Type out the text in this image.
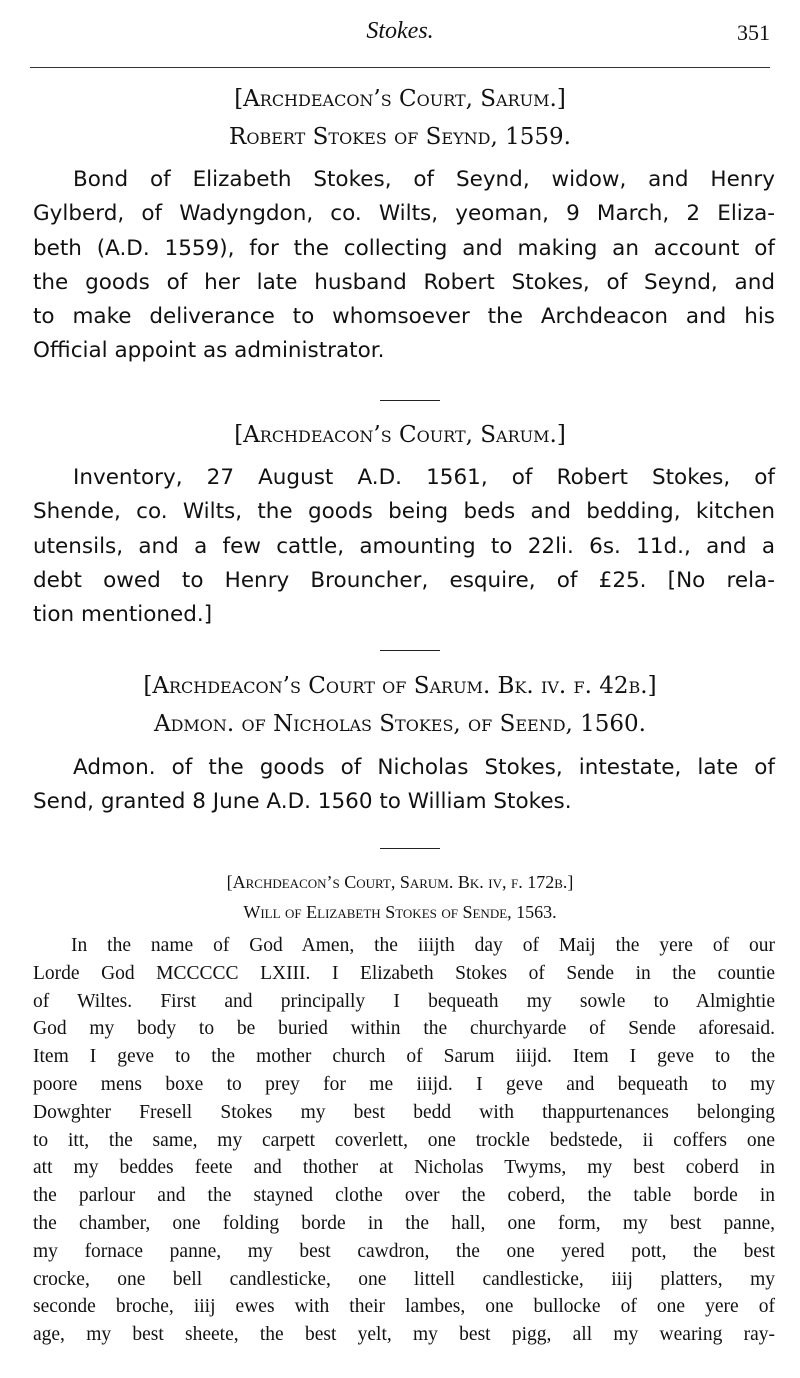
Stokes.	351
[Archdeacon’s Court, Sarum.]
Robert Stokes of Seynd, 1559.
Bond of Elizabeth Stokes, of Seynd, widow, and Henry
Gylberd, of Wadyngdon, co. Wilts, yeoman, 9 March, 2 Eliza-
beth (A.D. 1559), for the collecting and making an account of
the goods of her late husband Robert Stokes, of Seynd, and
to make deliverance to whomsoever the Archdeacon and his
Official appoint as administrator.
[Archdeacon’s Court, Sarum.]
Inventory, 27 August A.D. 1561, of Robert Stokes, of
Shende, co. Wilts, the goods being beds and bedding, kitchen
utensils, and a few cattle, amounting to 22li. 6s. 11d., and a
debt owed to Henry Brouncher, esquire, of £25. [No rela-
tion mentioned.]
[Archdeacon’s Court of Sarum. Bk. iv. f. 42b.]
Admon. of Nicholas Stokes, of Seend, 1560.
Admon. of the goods of Nicholas Stokes, intestate, late of
Send, granted 8 June A.D. 1560 to William Stokes.
[Archdeacon’s Court, Sarum. Bk. iv, f. 172b.]
Will of Elizabeth Stokes of Sende, 1563.
In the name of God Amen, the iiijth day of Maij the yere of our
Lorde God MCCCCC LXIII. I Elizabeth Stokes of Sende in the countie
of Wiltes. First and principally I bequeath my sowle to Almightie
God my body to be buried within the churchyarde of Sende aforesaid.
Item I geve to the mother church of Sarum iiijd. Item I geve to the
poore mens boxe to prey for me iiijd. I geve and bequeath to my
Dowghter Fresell Stokes my best bedd with thappurtenances belonging
to itt, the same, my carpett coverlett, one trockle bedstede, ii coffers one
att my beddes feete and thother at Nicholas Twyms, my best coberd in
the parlour and the stayned clothe over the coberd, the table borde in
the chamber, one folding borde in the hall, one form, my best panne,
my fornace panne, my best cawdron, the one yered pott, the best
crocke, one bell candlesticke, one littell candlesticke, iiij platters, my
seconde broche, iiij ewes with their lambes, one bullocke of one yere of
age, my best sheete, the best yelt, my best pigg, all my wearing ray-
